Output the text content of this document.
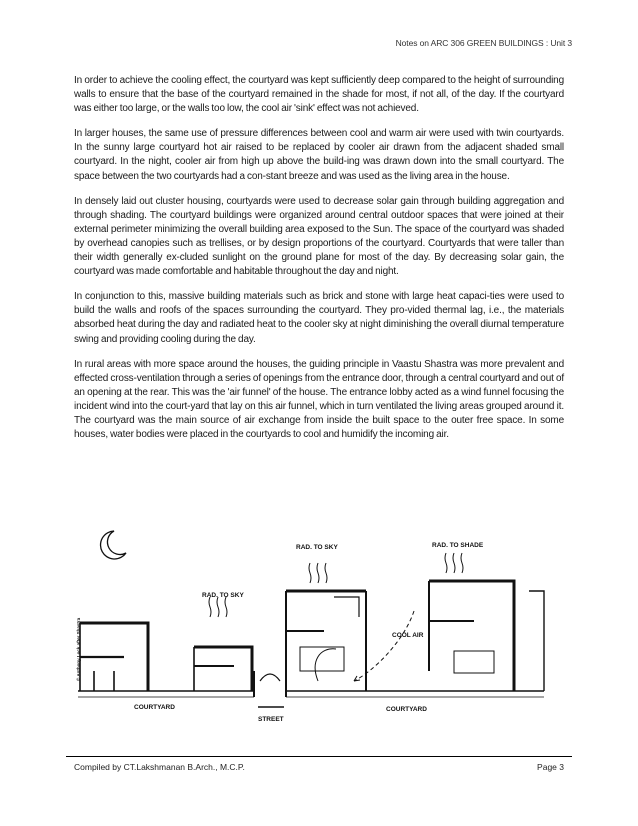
Notes on ARC 306 GREEN BUILDINGS : Unit 3

In order to achieve the cooling effect, the courtyard was kept sufficiently deep compared to the height of surrounding walls to ensure that the base of the courtyard remained in the shade for most, if not all, of the day. If the courtyard was either too large, or the walls too low, the cool air 'sink' effect was not achieved.

In larger houses, the same use of pressure differences between cool and warm air were used with twin courtyards. In the sunny large courtyard hot air raised to be replaced by cooler air drawn from the adjacent shaded small courtyard. In the night, cooler air from high up above the build-ing was drawn down into the small courtyard. The space between the two courtyards had a con-stant breeze and was used as the living area in the house.

In densely laid out cluster housing, courtyards were used to decrease solar gain through building aggregation and through shading. The courtyard buildings were organized around central outdoor spaces that were joined at their external perimeter minimizing the overall building area exposed to the Sun. The space of the courtyard was shaded by overhead canopies such as trellises, or by design proportions of the courtyard. Courtyards that were taller than their width generally ex-cluded sunlight on the ground plane for most of the day. By decreasing solar gain, the courtyard was made comfortable and habitable throughout the day and night.

In conjunction to this, massive building materials such as brick and stone with large heat capaci-ties were used to build the walls and roofs of the spaces surrounding the courtyard. They pro-vided thermal lag, i.e., the materials absorbed heat during the day and radiated heat to the cooler sky at night diminishing the overall diurnal temperature swing and providing cooling during the day.

In rural areas with more space around the houses, the guiding principle in Vaastu Shastra was more prevalent and effected cross-ventilation through a series of openings from the entrance door, through a central courtyard and out of an opening at the rear. This was the 'air funnel' of the house. The entrance lobby acted as a wind funnel focusing the incident wind into the court-yard that lay on this air funnel, which in turn ventilated the living areas grouped around it. The courtyard was the main source of air exchange from inside the built space to the outer free space. In some houses, water bodies were placed in the courtyards to cool and humidify the incoming air.

RAD. TO SKY
RAD. TO SKY	RAD. TO SHADE
COOL AIR
COURTYARD	COURTYARD
STREET
© Anthony Lock after Shastra
Compiled by CT.Lakshmanan B.Arch., M.C.P.	Page 3
